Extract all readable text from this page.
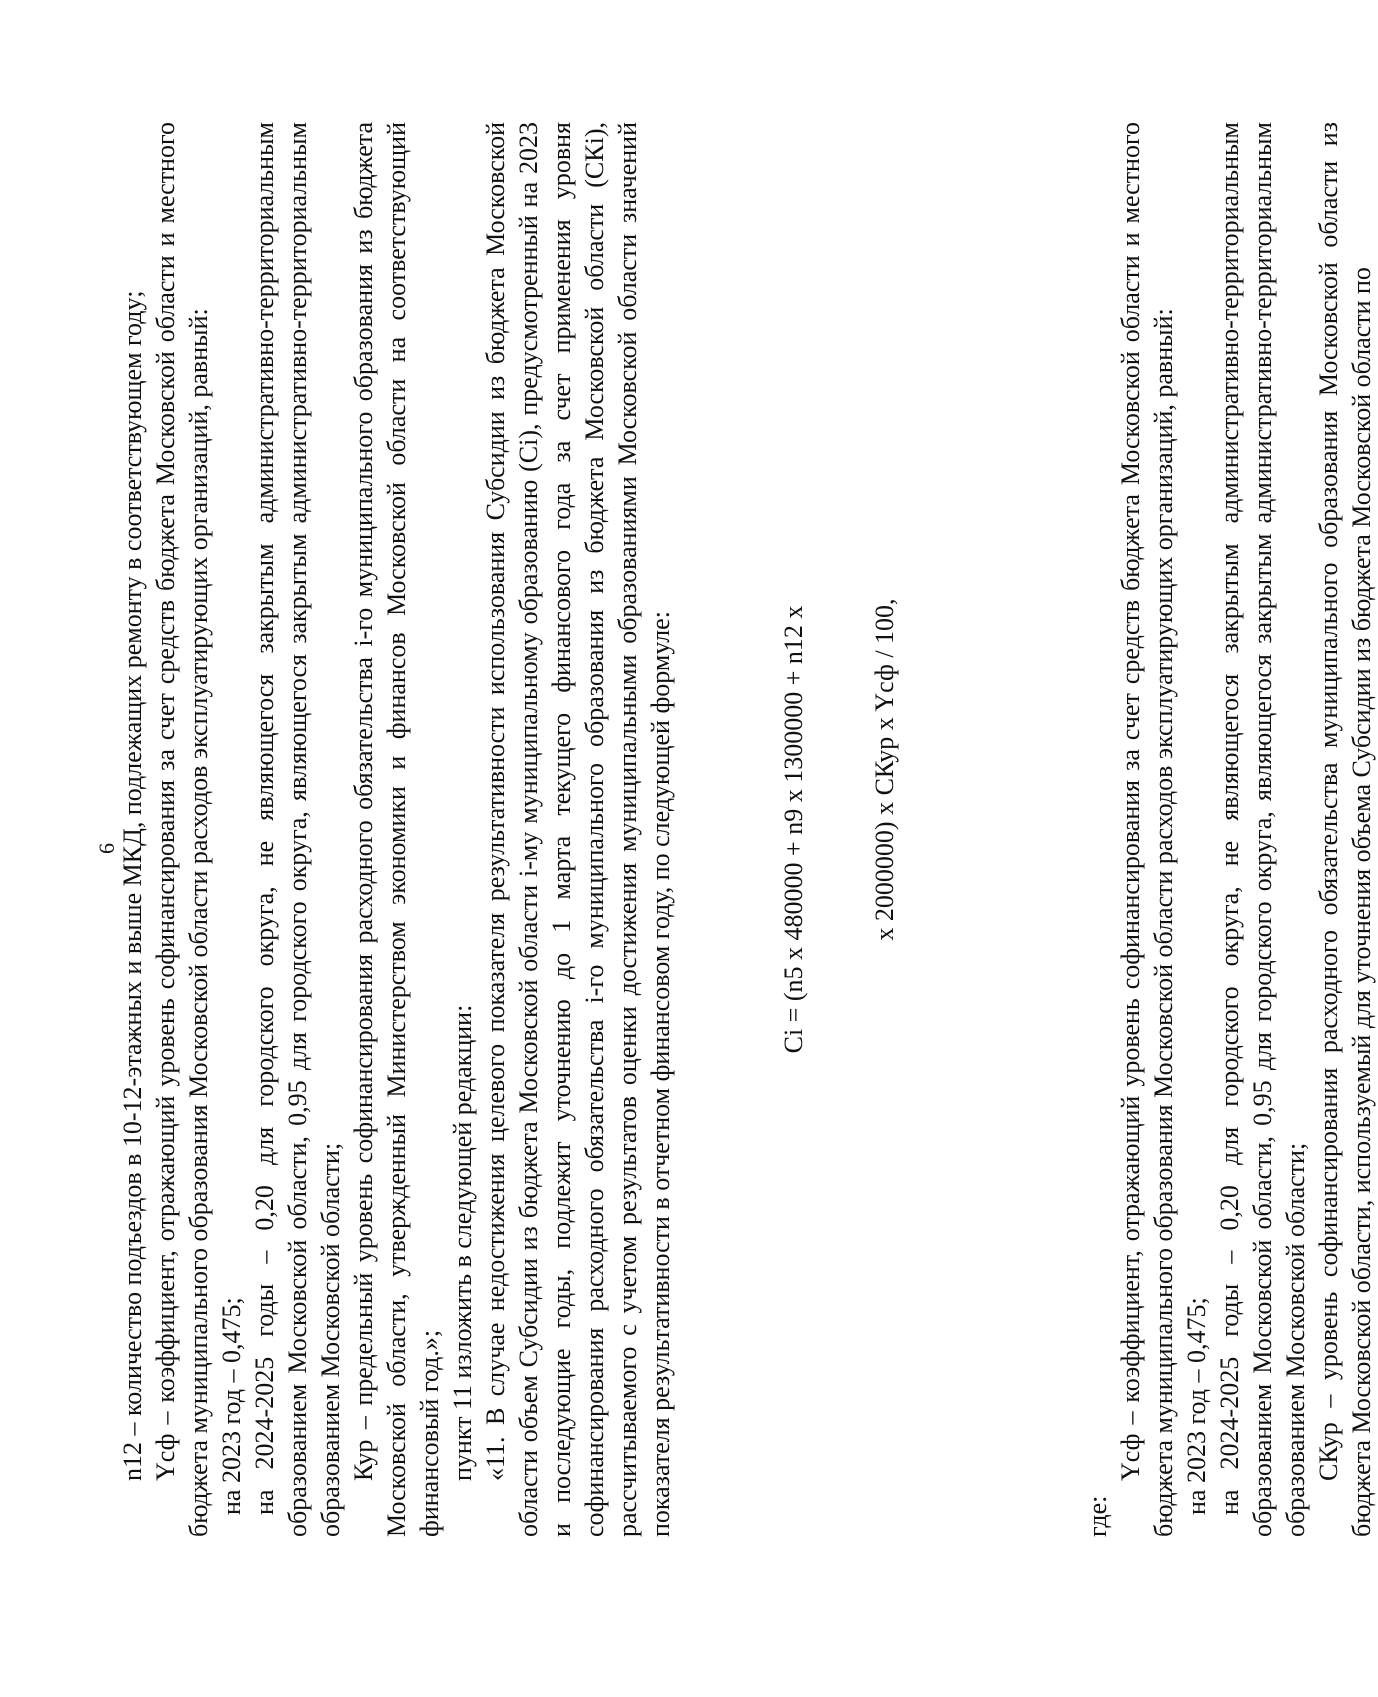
6 n12 – количество подъездов в 10-12-этажных и выше МКД, подлежащих ремонту в соответствующем году; Yсф – коэффициент, отражающий уровень софинансирования за счет средств бюджета Московской области и местного бюджета муниципального образования Московской области расходов эксплуатирующих организаций, равный: на 2023 год – 0,475; на 2024-2025 годы – 0,20 для городского округа, не являющегося закрытым административно-территориальным образованием Московской области, 0,95 для городского округа, являющегося закрытым административно-территориальным образованием Московской области; Кур – предельный уровень софинансирования расходного обязательства i-го муниципального образования из бюджета Московской области, утвержденный Министерством экономики и финансов Московской области на соответствующий финансовый год.»; пункт 11 изложить в следующей редакции: «11. В случае недостижения целевого показателя результативности использования Субсидии из бюджета Московской области объем Субсидии из бюджета Московской области i-му муниципальному образованию (Ci), предусмотренный на 2023 и последующие годы, подлежит уточнению до 1 марта текущего финансового года за счет применения уровня софинансирования расходного обязательства i-го муниципального образования из бюджета Московской области (СКi), рассчитываемого с учетом результатов оценки достижения муниципальными образованиями Московской области значений показателя результативности в отчетном финансовом году, по следующей формуле:	Ci = (n5 x 480000 + n9 x 1300000 + n12 x x 2000000) x СКур x Yсф / 100,

где:

Yсф – коэффициент, отражающий уровень софинансирования за счет средств бюджета Московской области и местного бюджета муниципального образования Московской области расходов эксплуатирующих организаций, равный: на 2023 год – 0,475; на 2024-2025 годы – 0,20 для городского округа, не являющегося закрытым административно-территориальным образованием Московской области, 0,95 для городского округа, являющегося закрытым административно-территориальным образованием Московской области; СКур – уровень софинансирования расходного обязательства муниципального образования Московской области из бюджета Московской области, используемый для уточнения объема Субсидии из бюджета Московской области по
